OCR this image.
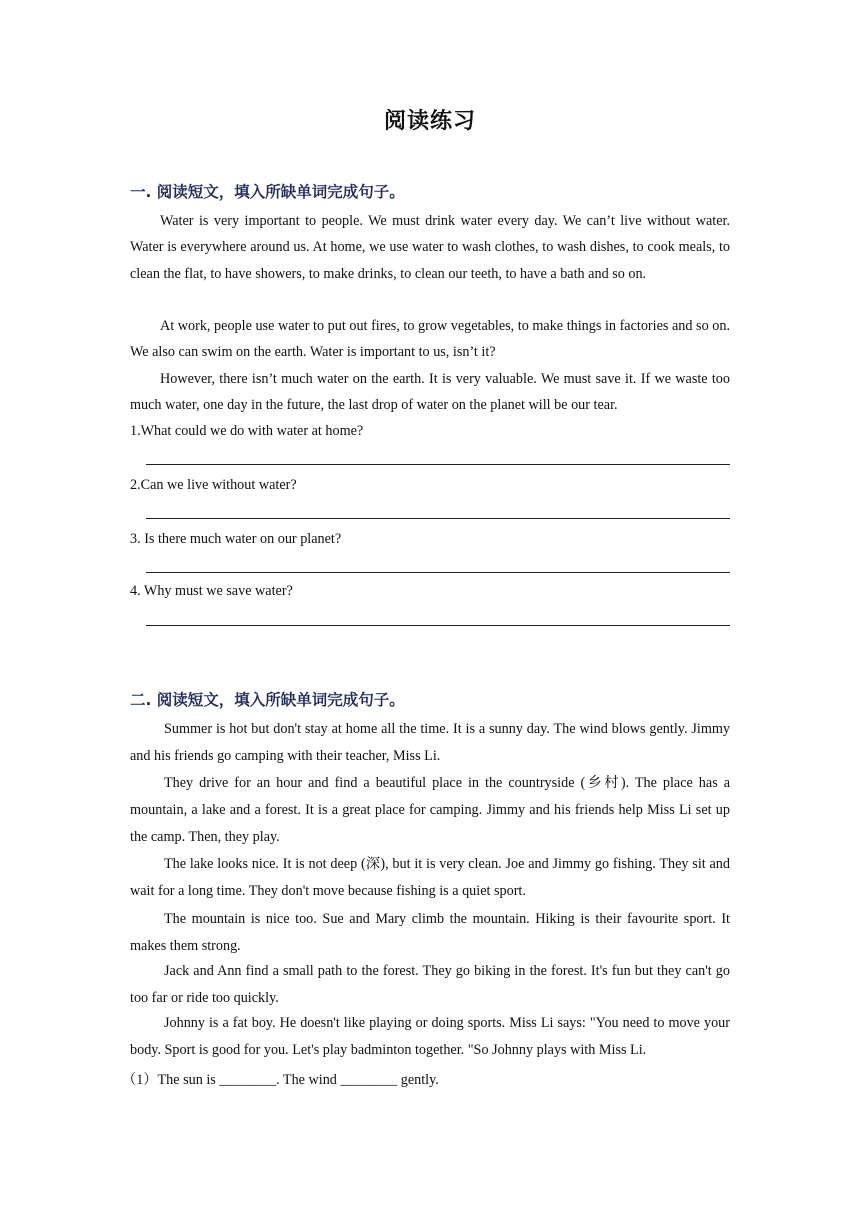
阅读练习
一. 阅读短文，填入所缺单词完成句子。

Water is very important to people. We must drink water every day. We can’t live without water. Water is everywhere around us. At home, we use water to wash clothes, to wash dishes, to cook meals, to clean the flat, to have showers, to make drinks, to clean our teeth, to have a bath and so on.

At work, people use water to put out fires, to grow vegetables, to make things in factories and so on. We also can swim on the earth. Water is important to us, isn’t it?

However, there isn’t much water on the earth. It is very valuable. We must save it. If we waste too much water, one day in the future, the last drop of water on the planet will be our tear.

1.What could we do with water at home?
2.Can we live without water?
3. Is there much water on our planet?
4. Why must we save water?
二. 阅读短文，填入所缺单词完成句子。

Summer is hot but don't stay at home all the time. It is a sunny day. The wind blows gently. Jimmy and his friends go camping with their teacher, Miss Li.

They drive for an hour and find a beautiful place in the countryside (乡村). The place has a mountain, a lake and a forest. It is a great place for camping. Jimmy and his friends help Miss Li set up the camp. Then, they play.

The lake looks nice. It is not deep (深), but it is very clean. Joe and Jimmy go fishing. They sit and wait for a long time. They don't move because fishing is a quiet sport.

The mountain is nice too. Sue and Mary climb the mountain. Hiking is their favourite sport. It makes them strong.

Jack and Ann find a small path to the forest. They go biking in the forest. It's fun but they can't go too far or ride too quickly.

Johnny is a fat boy. He doesn't like playing or doing sports. Miss Li says: "You need to move your body. Sport is good for you. Let's play badminton together. "So Johnny plays with Miss Li.

（1）The sun is ________. The wind ________ gently.
